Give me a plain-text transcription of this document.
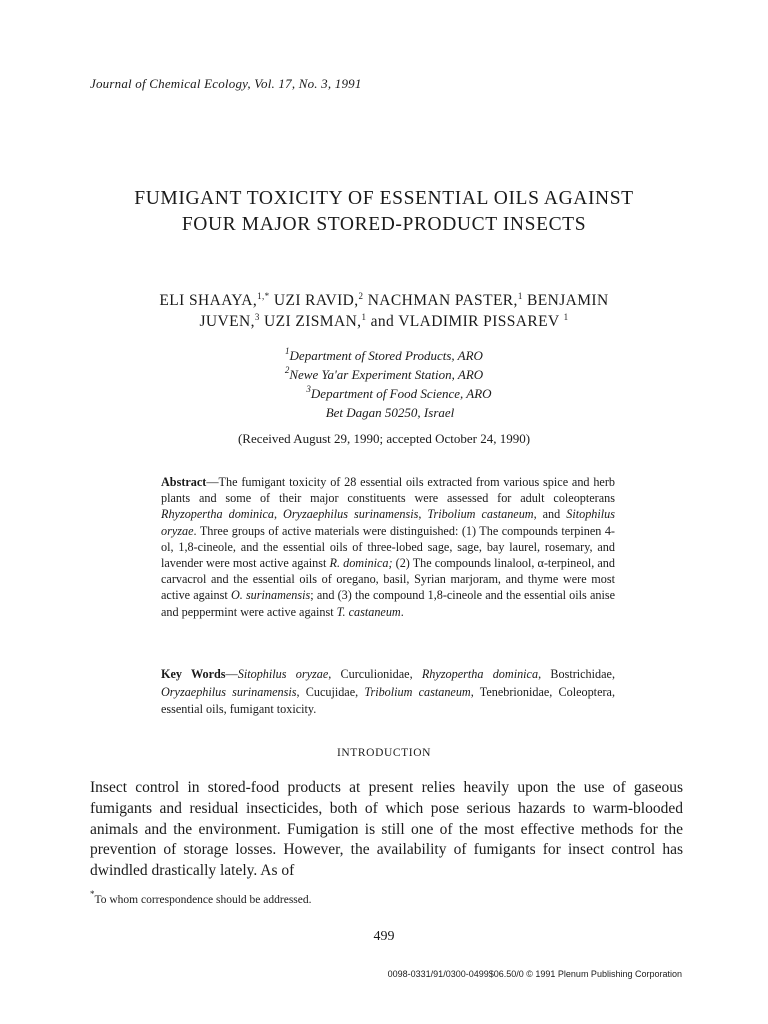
Journal of Chemical Ecology, Vol. 17, No. 3, 1991
FUMIGANT TOXICITY OF ESSENTIAL OILS AGAINST
FOUR MAJOR STORED-PRODUCT INSECTS
ELI SHAAYA,$^{1,*}$ UZI RAVID,$^2$ NACHMAN PASTER,$^1$ BENJAMIN
JUVEN,$^3$ UZI ZISMAN,$^1$ and VLADIMIR PISSAREV $^1$
$^1$Department of Stored Products, ARO
$^2$Newe Ya'ar Experiment Station, ARO
$^3$Department of Food Science, ARO
Bet Dagan 50250, Israel
(Received August 29, 1990; accepted October 24, 1990)
Abstract—The fumigant toxicity of 28 essential oils extracted from various spice and herb plants and some of their major constituents were assessed for adult coleopterans Rhyzopertha dominica, Oryzaephilus surinamensis, Tribolium castaneum, and Sitophilus oryzae. Three groups of active materials were distinguished: (1) The compounds terpinen 4-ol, 1,8-cineole, and the essential oils of three-lobed sage, sage, bay laurel, rosemary, and lavender were most active against R. dominica; (2) The compounds linalool, α-terpineol, and carvacrol and the essential oils of oregano, basil, Syrian marjoram, and thyme were most active against O. surinamensis; and (3) the compound 1,8-cineole and the essential oils anise and peppermint were active against T. castaneum.
Key Words—Sitophilus oryzae, Curculionidae, Rhyzopertha dominica, Bostrichidae, Oryzaephilus surinamensis, Cucujidae, Tribolium castaneum, Tenebrionidae, Coleoptera, essential oils, fumigant toxicity.
INTRODUCTION
Insect control in stored-food products at present relies heavily upon the use of gaseous fumigants and residual insecticides, both of which pose serious hazards to warm-blooded animals and the environment. Fumigation is still one of the most effective methods for the prevention of storage losses. However, the availability of fumigants for insect control has dwindled drastically lately. As of
*To whom correspondence should be addressed.
499
0098-0331/91/0300-0499$06.50/0 © 1991 Plenum Publishing Corporation
